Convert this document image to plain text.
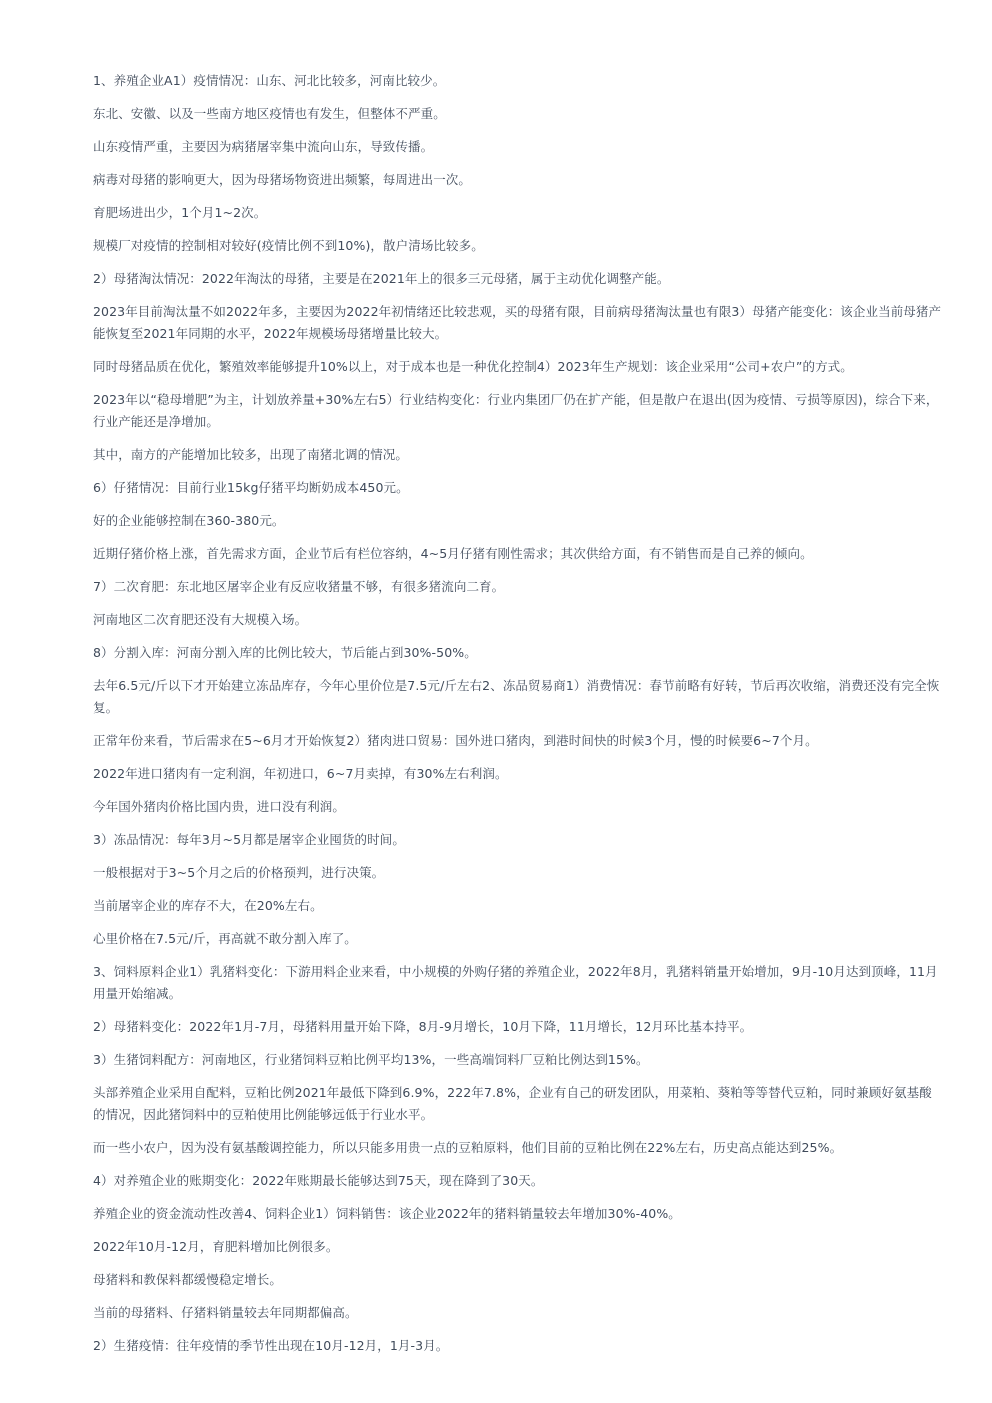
1、养殖企业A1）疫情情况：山东、河北比较多，河南比较少。

东北、安徽、以及一些南方地区疫情也有发生，但整体不严重。

山东疫情严重，主要因为病猪屠宰集中流向山东，导致传播。

病毒对母猪的影响更大，因为母猪场物资进出频繁，每周进出一次。

育肥场进出少，1个月1~2次。

规模厂对疫情的控制相对较好(疫情比例不到10%)，散户清场比较多。

2）母猪淘汰情况：2022年淘汰的母猪，主要是在2021年上的很多三元母猪，属于主动优化调整产能。

2023年目前淘汰量不如2022年多，主要因为2022年初情绪还比较悲观，买的母猪有限，目前病母猪淘汰量也有限3）母猪产能变化：该企业当前母猪产能恢复至2021年同期的水平，2022年规模场母猪增量比较大。

同时母猪品质在优化，繁殖效率能够提升10%以上，对于成本也是一种优化控制4）2023年生产规划：该企业采用“公司+农户”的方式。

2023年以“稳母增肥”为主，计划放养量+30%左右5）行业结构变化：行业内集团厂仍在扩产能，但是散户在退出(因为疫情、亏损等原因)，综合下来，行业产能还是净增加。

其中，南方的产能增加比较多，出现了南猪北调的情况。

6）仔猪情况：目前行业15kg仔猪平均断奶成本450元。

好的企业能够控制在360-380元。

近期仔猪价格上涨，首先需求方面，企业节后有栏位容纳，4~5月仔猪有刚性需求；其次供给方面，有不销售而是自己养的倾向。

7）二次育肥：东北地区屠宰企业有反应收猪量不够，有很多猪流向二育。

河南地区二次育肥还没有大规模入场。

8）分割入库：河南分割入库的比例比较大，节后能占到30%-50%。

去年6.5元/斤以下才开始建立冻品库存，今年心里价位是7.5元/斤左右2、冻品贸易商1）消费情况：春节前略有好转，节后再次收缩，消费还没有完全恢复。

正常年份来看，节后需求在5~6月才开始恢复2）猪肉进口贸易：国外进口猪肉，到港时间快的时候3个月，慢的时候要6~7个月。

2022年进口猪肉有一定利润，年初进口，6~7月卖掉，有30%左右利润。

今年国外猪肉价格比国内贵，进口没有利润。

3）冻品情况：每年3月~5月都是屠宰企业囤货的时间。

一般根据对于3~5个月之后的价格预判，进行决策。

当前屠宰企业的库存不大，在20%左右。

心里价格在7.5元/斤，再高就不敢分割入库了。

3、饲料原料企业1）乳猪料变化：下游用料企业来看，中小规模的外购仔猪的养殖企业，2022年8月，乳猪料销量开始增加，9月-10月达到顶峰，11月用量开始缩减。

2）母猪料变化：2022年1月-7月，母猪料用量开始下降，8月-9月增长，10月下降，11月增长，12月环比基本持平。

3）生猪饲料配方：河南地区，行业猪饲料豆粕比例平均13%，一些高端饲料厂豆粕比例达到15%。

头部养殖企业采用自配料，豆粕比例2021年最低下降到6.9%，222年7.8%，企业有自己的研发团队，用菜粕、葵粕等等替代豆粕，同时兼顾好氨基酸的情况，因此猪饲料中的豆粕使用比例能够远低于行业水平。

而一些小农户，因为没有氨基酸调控能力，所以只能多用贵一点的豆粕原料，他们目前的豆粕比例在22%左右，历史高点能达到25%。

4）对养殖企业的账期变化：2022年账期最长能够达到75天，现在降到了30天。

养殖企业的资金流动性改善4、饲料企业1）饲料销售：该企业2022年的猪料销量较去年增加30%-40%。

2022年10月-12月，育肥料增加比例很多。

母猪料和教保料都缓慢稳定增长。

当前的母猪料、仔猪料销量较去年同期都偏高。

2）生猪疫情：往年疫情的季节性出现在10月-12月，1月-3月。
